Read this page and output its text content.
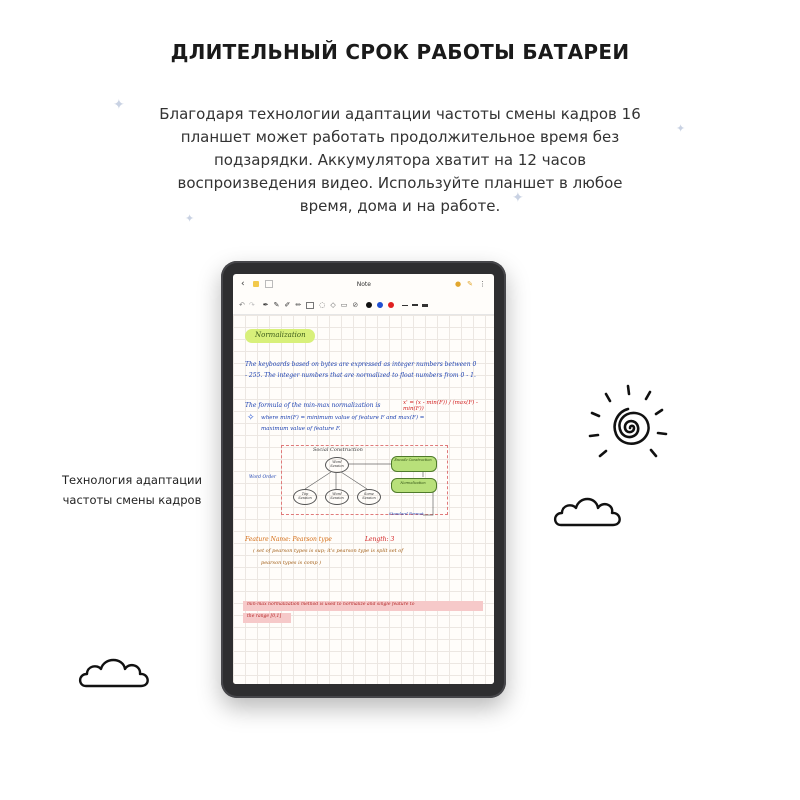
ДЛИТЕЛЬНЫЙ СРОК РАБОТЫ БАТАРЕИ
Благодаря технологии адаптации частоты смены кадров 16 планшет может работать продолжительное время без подзарядки. Аккумулятора хватит на 12 часов воспроизведения видео. Используйте планшет в любое время, дома и на работе.
✦
✦
✦
✦
Технология адаптации частоты смены кадров
‹	Note	● ✎ ⋮
↶ ↷ ✒ ✎ ✐ ✏	◌ ◇ ▭ ⊘
Normalization
The keyboards based on bytes are expressed as integer numbers between 0 - 255. The integer numbers that are normalized to float numbers from 0 - 1.
The formula of the min-max normalization is	x' = (x - min(F)) / (max(F) - min(F))
✧ where min(F) = minimum value of feature F and max(F) = maximum value of feature F.
Social Construction
Word Order
Word Session
Top Session
Word Session
Some Session
Encode Construction
Normalization
Standard Format
Feature Name: Pearson type	Length: 3
( set of pearson types is sup; it's pearson type is split set of
pearson types is comp )
min-max normalization method is used to normalize and single feature to
the range [0,1]
